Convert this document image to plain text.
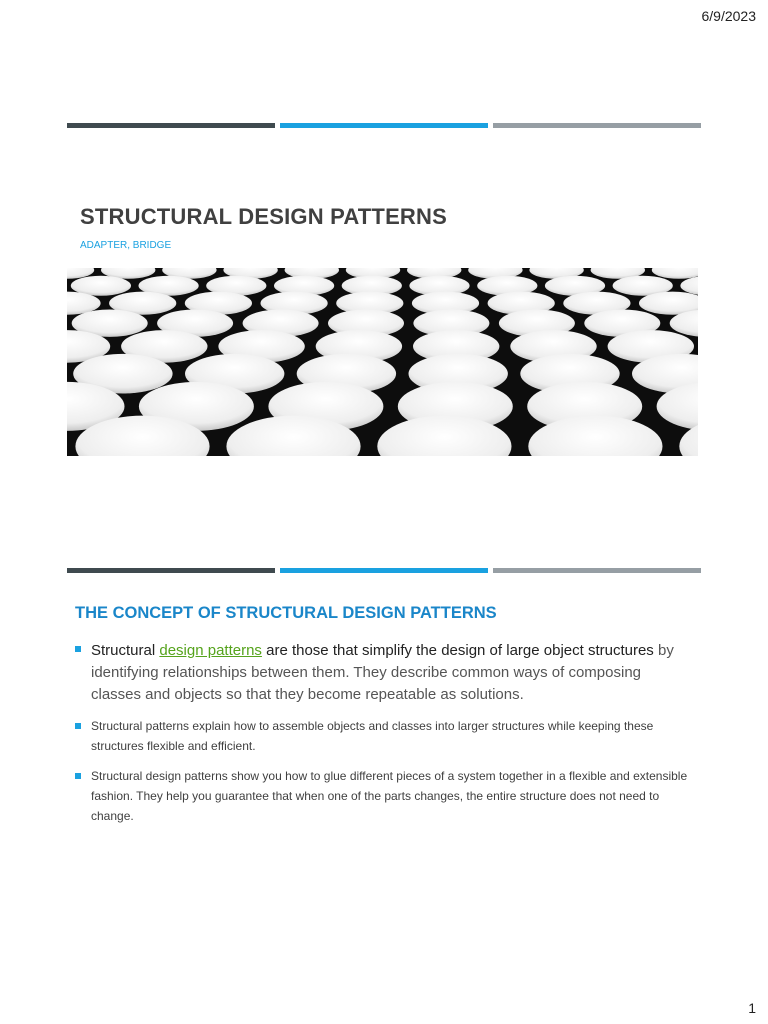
6/9/2023
STRUCTURAL DESIGN PATTERNS
ADAPTER, BRIDGE
THE CONCEPT OF STRUCTURAL DESIGN PATTERNS
Structural design patterns are those that simplify the design of large object structures by identifying relationships between them. They describe common ways of composing classes and objects so that they become repeatable as solutions.
Structural patterns explain how to assemble objects and classes into larger structures while keeping these structures flexible and efficient.
Structural design patterns show you how to glue different pieces of a system together in a flexible and extensible fashion. They help you guarantee that when one of the parts changes, the entire structure does not need to change.
1
